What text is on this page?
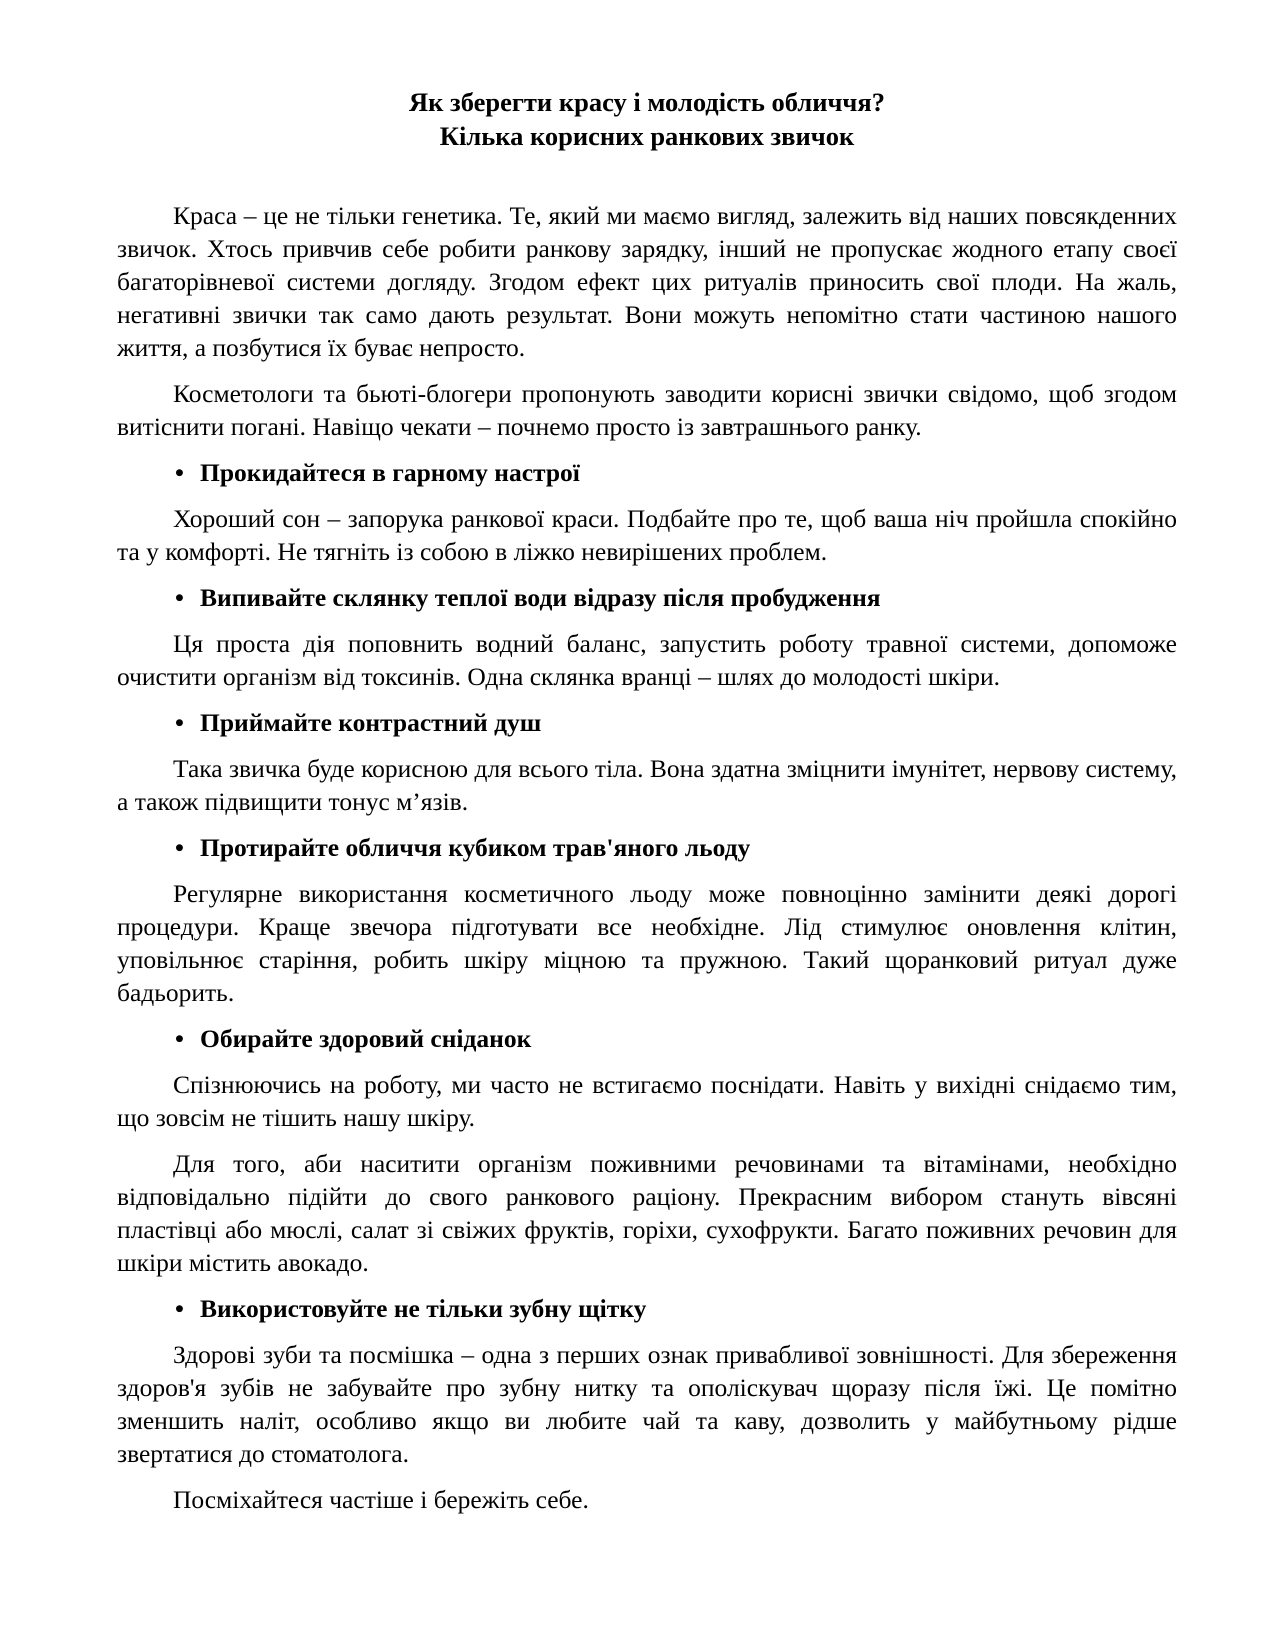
Як зберегти красу і молодість обличчя?
Кілька корисних ранкових звичок

Краса – це не тільки генетика. Те, який ми маємо вигляд, залежить від наших повсякденних звичок. Хтось привчив себе робити ранкову зарядку, інший не пропускає жодного етапу своєї багаторівневої системи догляду. Згодом ефект цих ритуалів приносить свої плоди. На жаль, негативні звички так само дають результат. Вони можуть непомітно стати частиною нашого життя, а позбутися їх буває непросто.

Косметологи та бьюті-блогери пропонують заводити корисні звички свідомо, щоб згодом витіснити погані. Навіщо чекати – почнемо просто із завтрашнього ранку.

• Прокидайтеся в гарному настрої

Хороший сон – запорука ранкової краси. Подбайте про те, щоб ваша ніч пройшла спокійно та у комфорті. Не тягніть із собою в ліжко невирішених проблем.

• Випивайте склянку теплої води відразу після пробудження

Ця проста дія поповнить водний баланс, запустить роботу травної системи, допоможе очистити організм від токсинів. Одна склянка вранці – шлях до молодості шкіри.

• Приймайте контрастний душ

Така звичка буде корисною для всього тіла. Вона здатна зміцнити імунітет, нервову систему, а також підвищити тонус м’язів.

• Протирайте обличчя кубиком трав'яного льоду

Регулярне використання косметичного льоду може повноцінно замінити деякі дорогі процедури. Краще звечора підготувати все необхідне. Лід стимулює оновлення клітин, уповільнює старіння, робить шкіру міцною та пружною. Такий щоранковий ритуал дуже бадьорить.

• Обирайте здоровий сніданок

Спізнюючись на роботу, ми часто не встигаємо поснідати. Навіть у вихідні снідаємо тим, що зовсім не тішить нашу шкіру.

Для того, аби наситити організм поживними речовинами та вітамінами, необхідно відповідально підійти до свого ранкового раціону. Прекрасним вибором стануть вівсяні пластівці або мюслі, салат зі свіжих фруктів, горіхи, сухофрукти. Багато поживних речовин для шкіри містить авокадо.

• Використовуйте не тільки зубну щітку

Здорові зуби та посмішка – одна з перших ознак привабливої зовнішності. Для збереження здоров'я зубів не забувайте про зубну нитку та ополіскувач щоразу після їжі. Це помітно зменшить наліт, особливо якщо ви любите чай та каву, дозволить у майбутньому рідше звертатися до стоматолога.

Посміхайтеся частіше і бережіть себе.
